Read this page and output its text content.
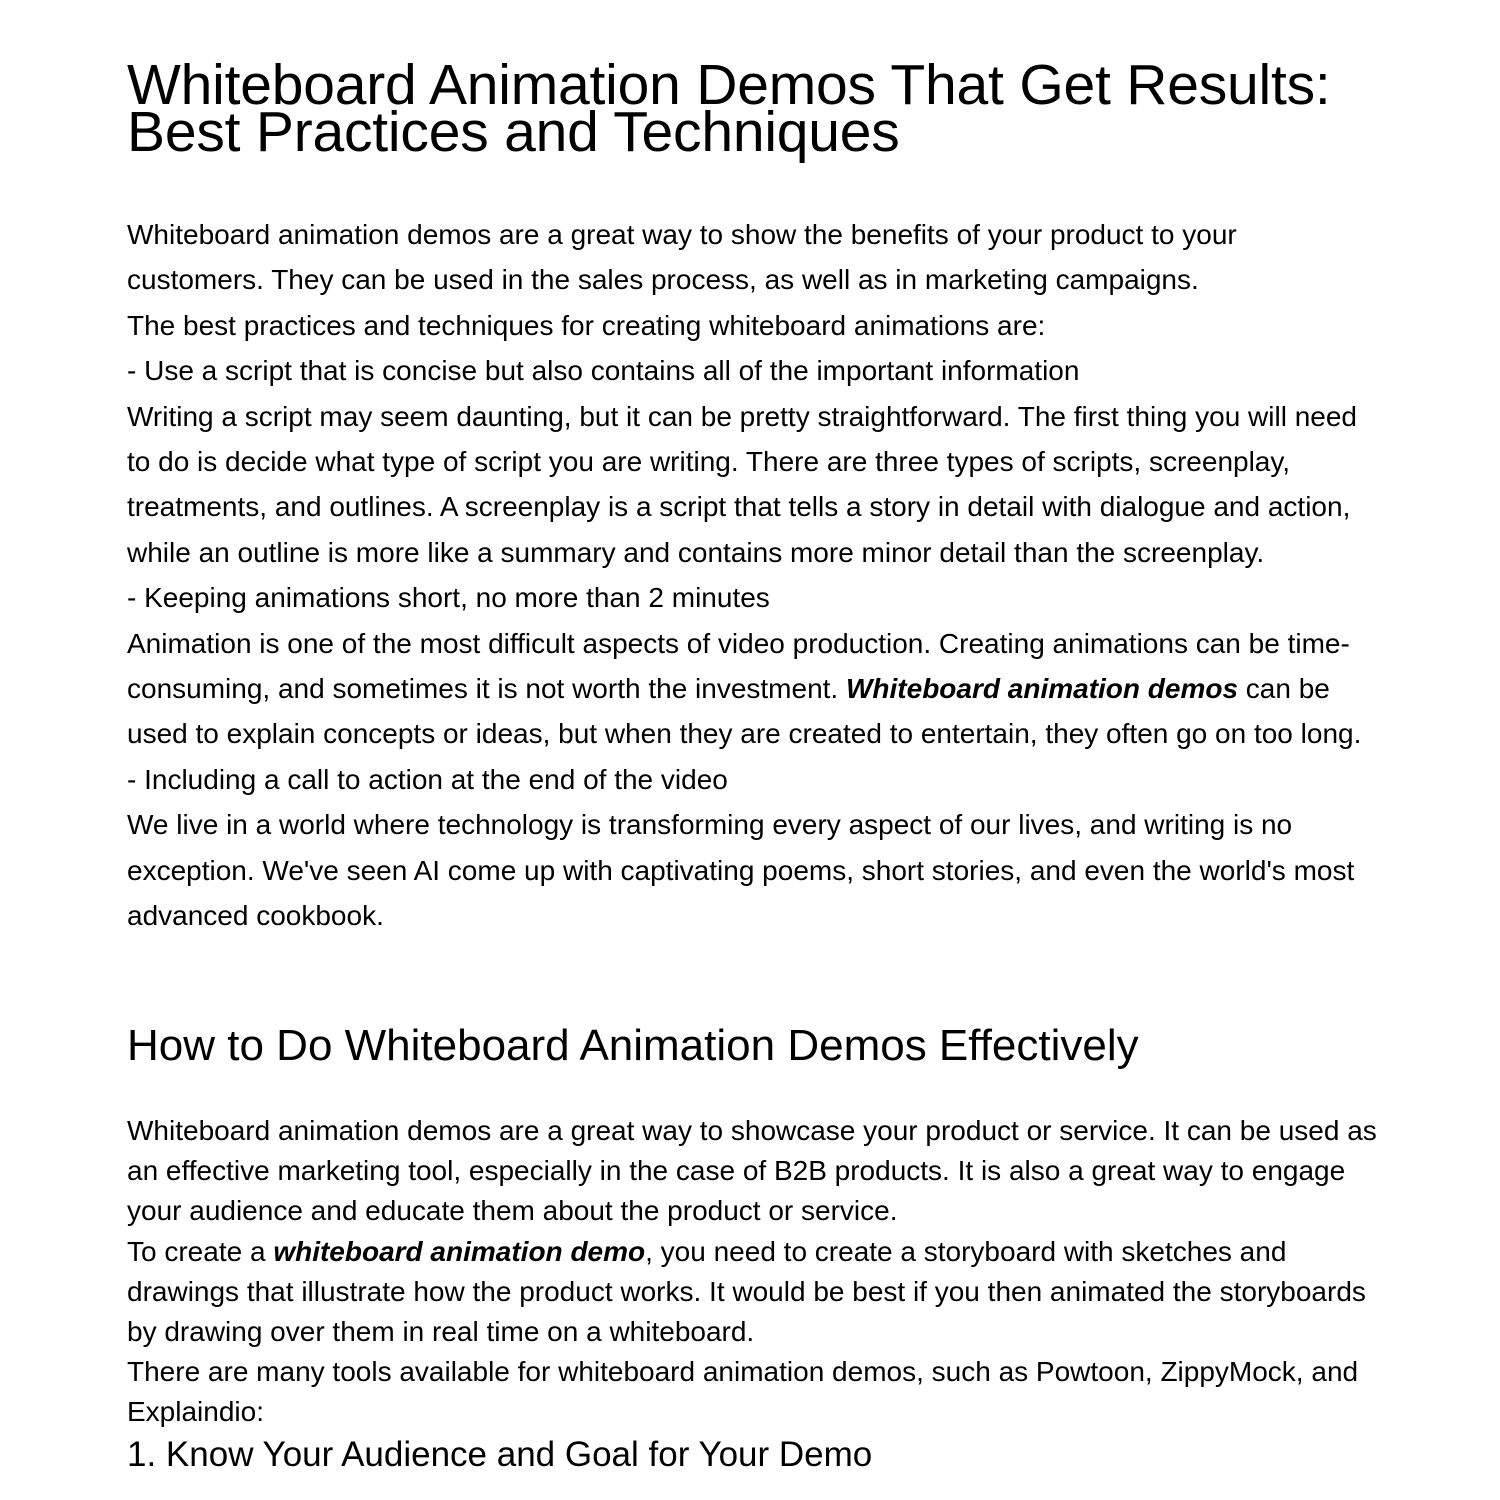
Whiteboard Animation Demos That Get Results: Best Practices and Techniques

Whiteboard animation demos are a great way to show the benefits of your product to your customers. They can be used in the sales process, as well as in marketing campaigns.

The best practices and techniques for creating whiteboard animations are:

- Use a script that is concise but also contains all of the important information

Writing a script may seem daunting, but it can be pretty straightforward. The first thing you will need to do is decide what type of script you are writing. There are three types of scripts, screenplay, treatments, and outlines. A screenplay is a script that tells a story in detail with dialogue and action, while an outline is more like a summary and contains more minor detail than the screenplay.

- Keeping animations short, no more than 2 minutes

Animation is one of the most difficult aspects of video production. Creating animations can be time-consuming, and sometimes it is not worth the investment. Whiteboard animation demos can be used to explain concepts or ideas, but when they are created to entertain, they often go on too long.

- Including a call to action at the end of the video

We live in a world where technology is transforming every aspect of our lives, and writing is no exception. We've seen AI come up with captivating poems, short stories, and even the world's most advanced cookbook.

How to Do Whiteboard Animation Demos Effectively

Whiteboard animation demos are a great way to showcase your product or service. It can be used as an effective marketing tool, especially in the case of B2B products. It is also a great way to engage your audience and educate them about the product or service.

To create a whiteboard animation demo, you need to create a storyboard with sketches and drawings that illustrate how the product works. It would be best if you then animated the storyboards by drawing over them in real time on a whiteboard.

There are many tools available for whiteboard animation demos, such as Powtoon, ZippyMock, and Explaindio:

1. Know Your Audience and Goal for Your Demo
